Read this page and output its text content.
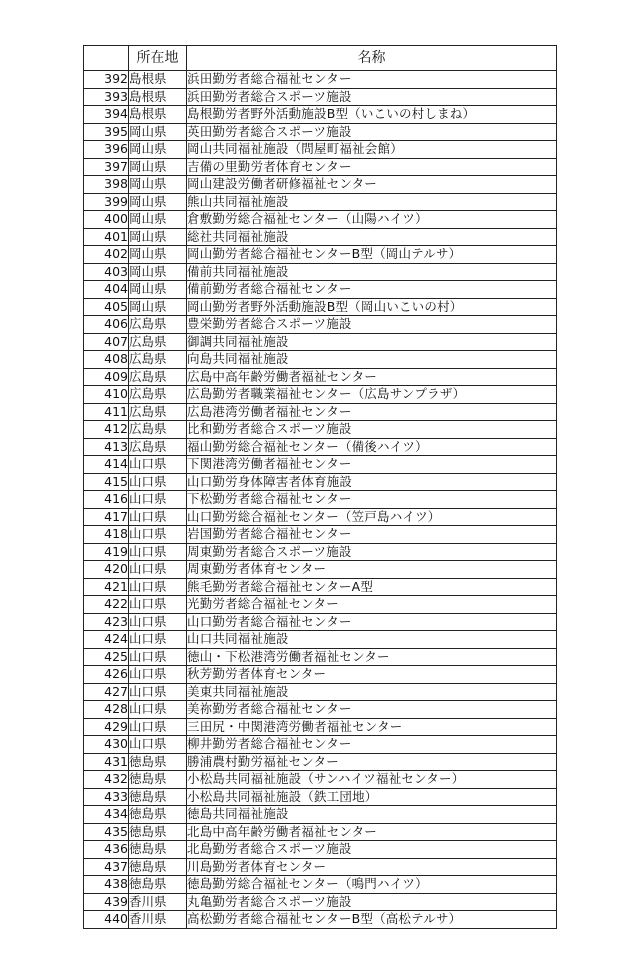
	所在地	名称
392	島根県	浜田勤労者総合福祉センター
393	島根県	浜田勤労者総合スポーツ施設
394	島根県	島根勤労者野外活動施設B型（いこいの村しまね）
395	岡山県	英田勤労者総合スポーツ施設
396	岡山県	岡山共同福祉施設（問屋町福祉会館）
397	岡山県	吉備の里勤労者体育センター
398	岡山県	岡山建設労働者研修福祉センター
399	岡山県	熊山共同福祉施設
400	岡山県	倉敷勤労総合福祉センター（山陽ハイツ）
401	岡山県	総社共同福祉施設
402	岡山県	岡山勤労者総合福祉センターB型（岡山テルサ）
403	岡山県	備前共同福祉施設
404	岡山県	備前勤労者総合福祉センター
405	岡山県	岡山勤労者野外活動施設B型（岡山いこいの村）
406	広島県	豊栄勤労者総合スポーツ施設
407	広島県	御調共同福祉施設
408	広島県	向島共同福祉施設
409	広島県	広島中高年齢労働者福祉センター
410	広島県	広島勤労者職業福祉センター（広島サンプラザ）
411	広島県	広島港湾労働者福祉センター
412	広島県	比和勤労者総合スポーツ施設
413	広島県	福山勤労総合福祉センター（備後ハイツ）
414	山口県	下関港湾労働者福祉センター
415	山口県	山口勤労身体障害者体育施設
416	山口県	下松勤労者総合福祉センター
417	山口県	山口勤労総合福祉センター（笠戸島ハイツ）
418	山口県	岩国勤労者総合福祉センター
419	山口県	周東勤労者総合スポーツ施設
420	山口県	周東勤労者体育センター
421	山口県	熊毛勤労者総合福祉センターA型
422	山口県	光勤労者総合福祉センター
423	山口県	山口勤労者総合福祉センター
424	山口県	山口共同福祉施設
425	山口県	徳山・下松港湾労働者福祉センター
426	山口県	秋芳勤労者体育センター
427	山口県	美東共同福祉施設
428	山口県	美祢勤労者総合福祉センター
429	山口県	三田尻・中関港湾労働者福祉センター
430	山口県	柳井勤労者総合福祉センター
431	徳島県	勝浦農村勤労福祉センター
432	徳島県	小松島共同福祉施設（サンハイツ福祉センター）
433	徳島県	小松島共同福祉施設（鉄工団地）
434	徳島県	徳島共同福祉施設
435	徳島県	北島中高年齢労働者福祉センター
436	徳島県	北島勤労者総合スポーツ施設
437	徳島県	川島勤労者体育センター
438	徳島県	徳島勤労総合福祉センター（鳴門ハイツ）
439	香川県	丸亀勤労者総合スポーツ施設
440	香川県	高松勤労者総合福祉センターB型（高松テルサ）
